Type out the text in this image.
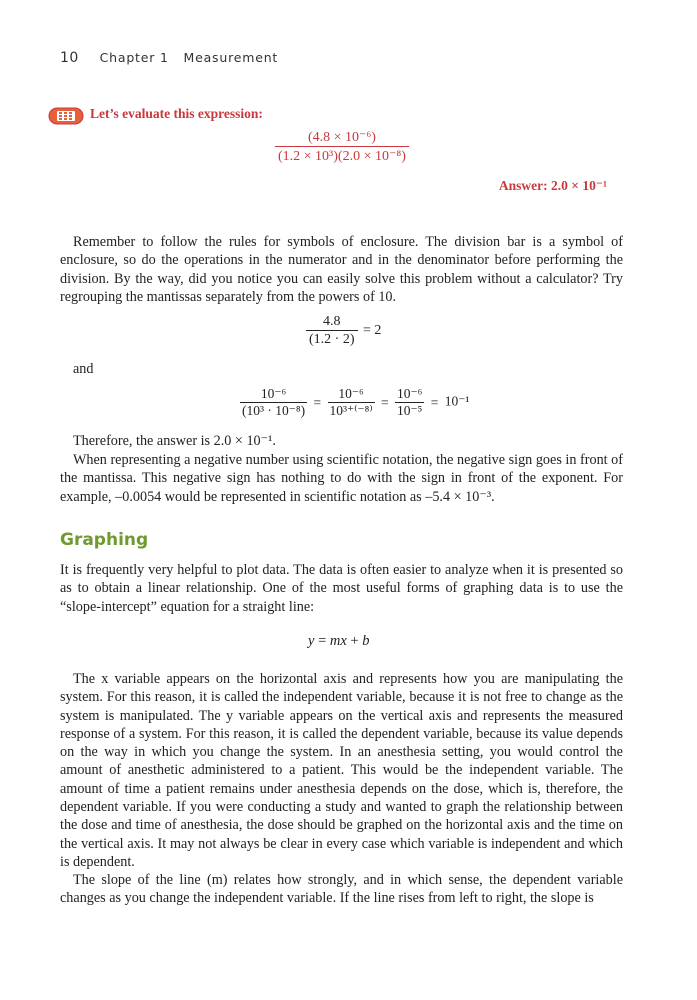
10 Chapter 1 Measurement
Let’s evaluate this expression:
$\frac{\text{(4.8 × 10⁻⁶)}}{\text{(1.2 × 10³)(2.0 × 10⁻⁸)}}$
Answer: 2.0 × 10⁻¹

Remember to follow the rules for symbols of enclosure. The division bar is a symbol of enclosure, so do the operations in the numerator and in the denominator before performing the division. By the way, did you notice you can easily solve this problem without a calculator? Try regrouping the mantissas separately from the powers of 10.

$\frac{4.8}{(1.2 \cdot 2)} = 2$
and
$\frac{\text{10⁻⁶}}{\text{(10³ · 10⁻⁸)}} = \frac{\text{10⁻⁶}}{\text{10³⁺⁽⁻⁸⁾}} = \frac{\text{10⁻⁶}}{\text{10⁻⁵}} = 10^{-1}$

Therefore, the answer is 2.0 × 10⁻¹.

When representing a negative number using scientific notation, the negative sign goes in front of the mantissa. This negative sign has nothing to do with the sign in front of the exponent. For example, –0.0054 would be represented in scientific notation as –5.4 × 10⁻³.

Graphing

It is frequently very helpful to plot data. The data is often easier to analyze when it is presented so as to obtain a linear relationship. One of the most useful forms of graphing data is to use the “slope-intercept” equation for a straight line:

y = mx + b

The x variable appears on the horizontal axis and represents how you are manipulating the system. For this reason, it is called the independent variable, because it is not free to change as the system is manipulated. The y variable appears on the vertical axis and represents the measured response of a system. For this reason, it is called the dependent variable, because its value depends on the way in which you change the system. In an anesthesia setting, you would control the amount of anesthetic administered to a patient. This would be the independent variable. The amount of time a patient remains under anesthesia depends on the dose, which is, therefore, the dependent variable. If you were conducting a study and wanted to graph the relationship between the dose and time of anesthesia, the dose should be graphed on the horizontal axis and the time on the vertical axis. It may not always be clear in every case which variable is independent and which is dependent.

The slope of the line (m) relates how strongly, and in which sense, the dependent variable changes as you change the independent variable. If the line rises from left to right, the slope is
